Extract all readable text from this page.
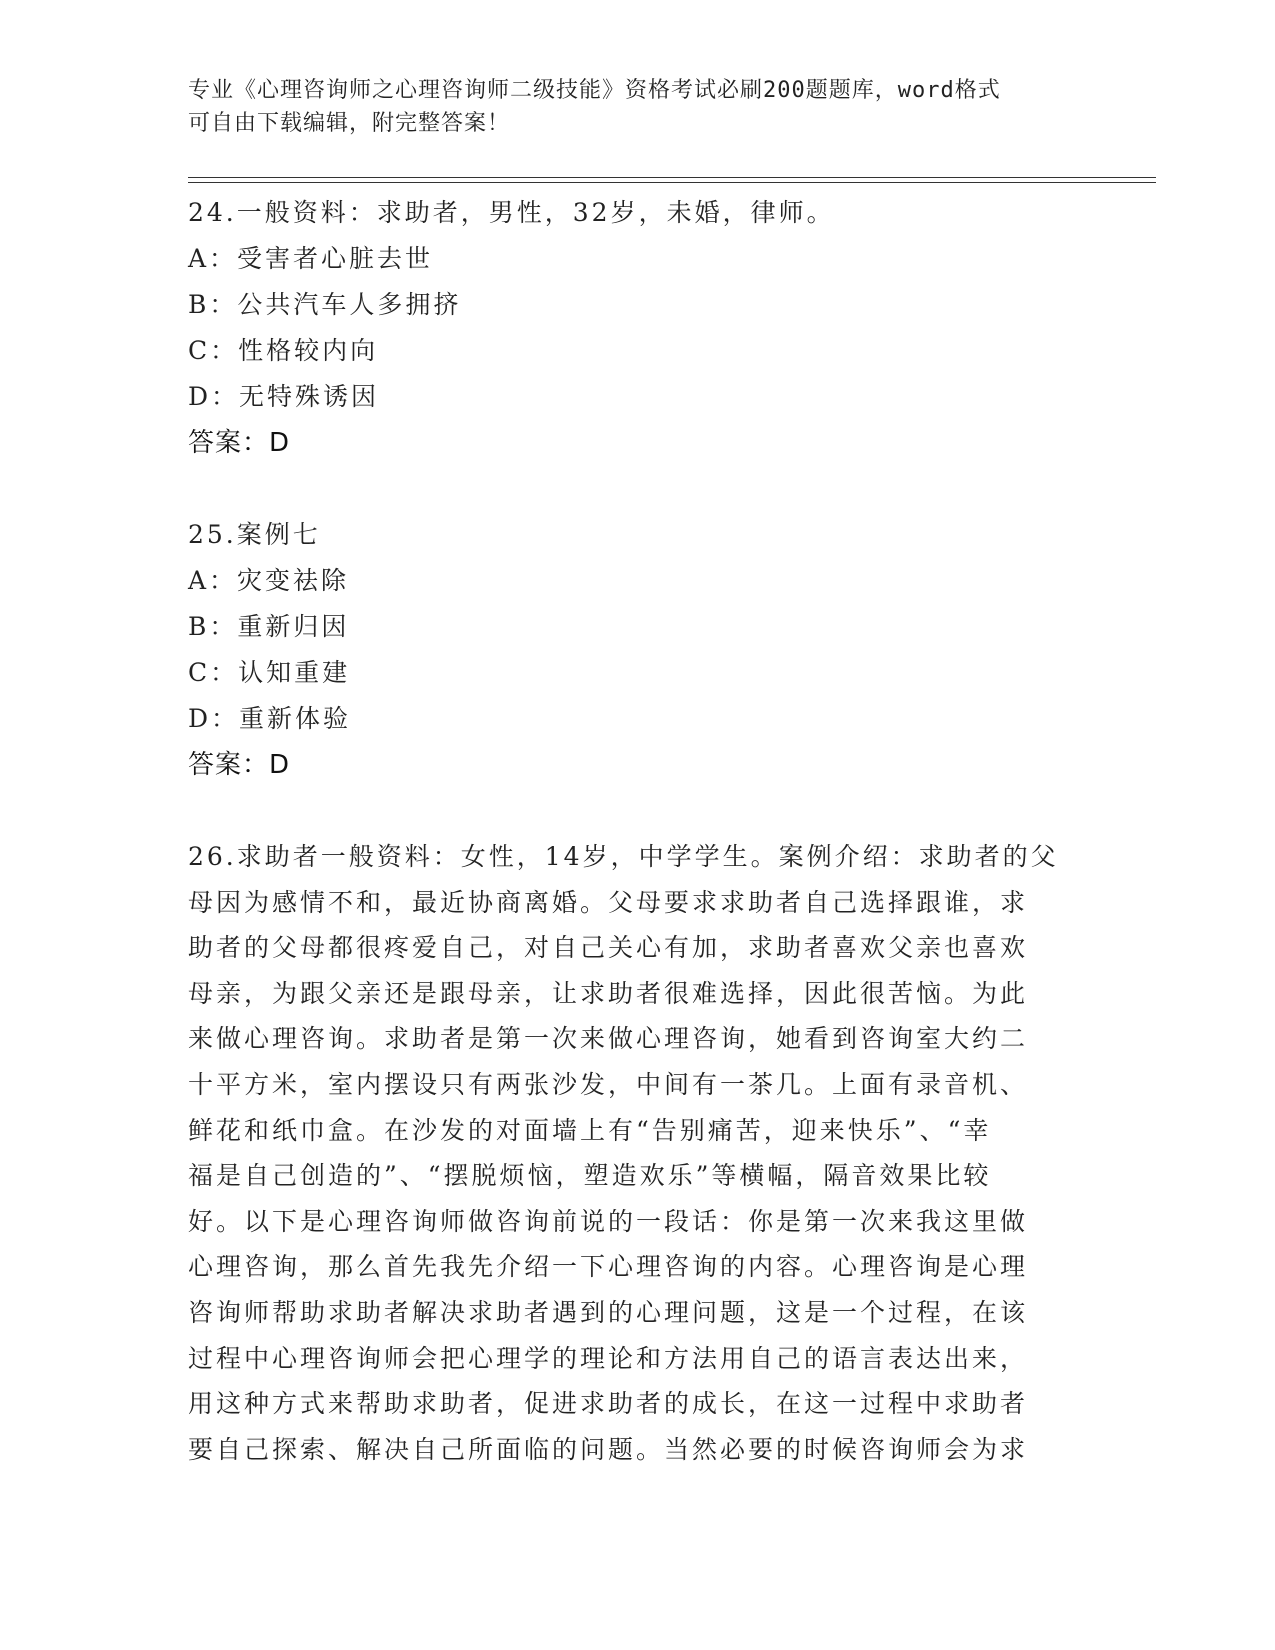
专业《心理咨询师之心理咨询师二级技能》资格考试必刷200题题库，word格式
可自由下载编辑，附完整答案！
24.一般资料：求助者，男性，32岁，未婚，律师。
A：受害者心脏去世
B：公共汽车人多拥挤
C：性格较内向
D：无特殊诱因
答案：D
25.案例七
A：灾变祛除
B：重新归因
C：认知重建
D：重新体验
答案：D
26.求助者一般资料：女性，14岁，中学学生。案例介绍：求助者的父
母因为感情不和，最近协商离婚。父母要求求助者自己选择跟谁，求
助者的父母都很疼爱自己，对自己关心有加，求助者喜欢父亲也喜欢
母亲，为跟父亲还是跟母亲，让求助者很难选择，因此很苦恼。为此
来做心理咨询。求助者是第一次来做心理咨询，她看到咨询室大约二
十平方米，室内摆设只有两张沙发，中间有一茶几。上面有录音机、
鲜花和纸巾盒。在沙发的对面墙上有“告别痛苦，迎来快乐”、“幸
福是自己创造的”、“摆脱烦恼，塑造欢乐”等横幅，隔音效果比较
好。以下是心理咨询师做咨询前说的一段话：你是第一次来我这里做
心理咨询，那么首先我先介绍一下心理咨询的内容。心理咨询是心理
咨询师帮助求助者解决求助者遇到的心理问题，这是一个过程，在该
过程中心理咨询师会把心理学的理论和方法用自己的语言表达出来，
用这种方式来帮助求助者，促进求助者的成长，在这一过程中求助者
要自己探索、解决自己所面临的问题。当然必要的时候咨询师会为求
